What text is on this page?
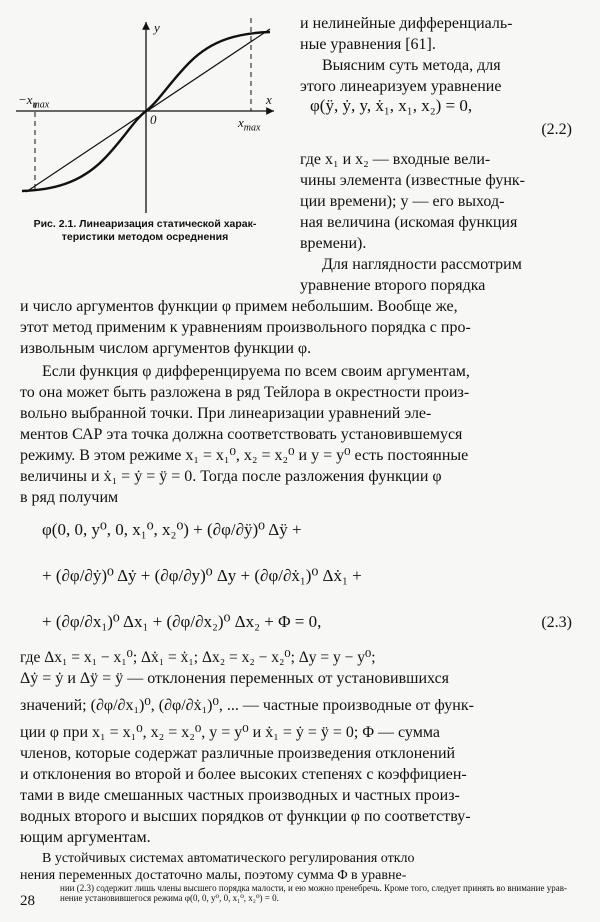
y
x
$-x_{max}$
0	$x_{max}$
Рис. 2.1. Линеаризация статической харак-
теристики методом осреднения
и нелинейные дифференциаль-
ные уравнения [61].
Выясним суть метода, для
этого линеаризуем уравнение
φ(ÿ, ẏ, y, ẋ₁, x₁, x₂) = 0,
(2.2)
где x₁ и x₂ — входные вели-
чины элемента (известные функ-
ции времени); y — его выход-
ная величина (искомая функция
времени).
Для наглядности рассмотрим
уравнение второго порядка
и число аргументов функции φ примем небольшим. Вообще же,
этот метод применим к уравнениям произвольного порядка с про-
извольным числом аргументов функции φ.
Если функция φ дифференцируема по всем своим аргументам,
то она может быть разложена в ряд Тейлора в окрестности произ-
вольно выбранной точки. При линеаризации уравнений эле-
ментов САР эта точка должна соответствовать установившемуся
режиму. В этом режиме x₁ = x₁⁰, x₂ = x₂⁰ и y = y⁰ есть постоянные
величины и ẋ₁ = ẏ = ÿ = 0. Тогда после разложения функции φ
в ряд получим
φ(0, 0, y⁰, 0, x₁⁰, x₂⁰) + (∂φ/∂ÿ)⁰ Δÿ +
+ (∂φ/∂ẏ)⁰ Δẏ + (∂φ/∂y)⁰ Δy + (∂φ/∂ẋ₁)⁰ Δẋ₁ +
+ (∂φ/∂x₁)⁰ Δx₁ + (∂φ/∂x₂)⁰ Δx₂ + Φ = 0,	(2.3)
где Δx₁ = x₁ − x₁⁰; Δẋ₁ = ẋ₁; Δx₂ = x₂ − x₂⁰; Δy = y − y⁰;
Δẏ = ẏ и Δÿ = ÿ — отклонения переменных от установившихся
значений; (∂φ/∂x₁)⁰, (∂φ/∂ẋ₁)⁰, ... — частные производные от функ-
ции φ при x₁ = x₁⁰, x₂ = x₂⁰, y = y⁰ и ẋ₁ = ẏ = ÿ = 0; Φ — сумма
членов, которые содержат различные произведения отклонений
и отклонения во второй и более высоких степенях с коэффициен-
тами в виде смешанных частных производных и частных произ-
водных второго и высших порядков от функции φ по соответству-
ющим аргументам.
В устойчивых системах автоматического регулирования откло
нения переменных достаточно малы, поэтому сумма Φ в уравне-
нии (2.3) содержит лишь члены высшего порядка малости, и ею можно пренебречь. Кроме того, следует принять во внимание урав- нение установившегося режима φ(0, 0, y⁰, 0, x₁⁰, x₂⁰) = 0.
28
